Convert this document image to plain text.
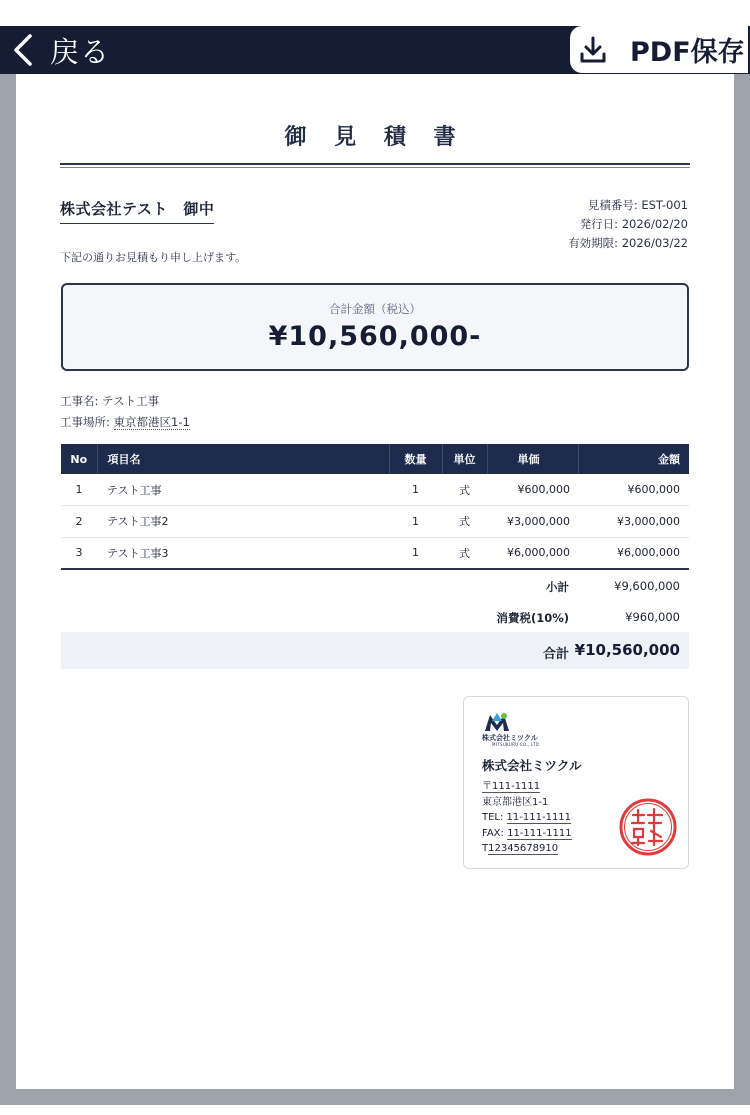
戻る	PDF保存
御 見 積 書
株式会社テスト　御中	見積番号: EST-001
発行日: 2026/02/20
有効期限: 2026/03/22
下記の通りお見積もり申し上げます。
合計金額（税込）
¥10,560,000-
工事名: テスト工事
工事場所: 東京都港区1-1
No	項目名	数量	単位	単価	金額
1	テスト工事	1	式	¥600,000	¥600,000
2	テスト工事2	1	式	¥3,000,000	¥3,000,000
3	テスト工事3	1	式	¥6,000,000	¥6,000,000
小計	¥9,600,000
消費税(10%)	¥960,000
合計 ¥10,560,000
株式会社ミツクル
MITSUKURU CO., LTD.
株式会社ミツクル
〒111-1111
東京都港区1-1
TEL: 11-111-1111
FAX: 11-111-1111
T12345678910
